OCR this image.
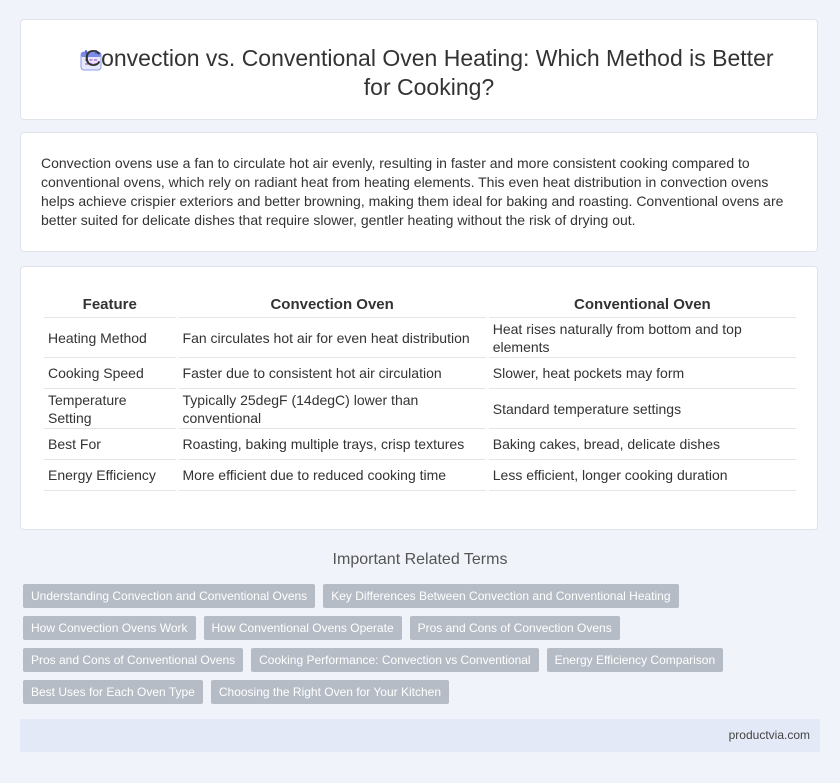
Convection vs. Conventional Oven Heating: Which Method is Better for Cooking?

Convection ovens use a fan to circulate hot air evenly, resulting in faster and more consistent cooking compared to conventional ovens, which rely on radiant heat from heating elements. This even heat distribution in convection ovens helps achieve crispier exteriors and better browning, making them ideal for baking and roasting. Conventional ovens are better suited for delicate dishes that require slower, gentler heating without the risk of drying out.

Feature	Convection Oven	Conventional Oven
Heating Method	Fan circulates hot air for even heat distribution	Heat rises naturally from bottom and top elements
Cooking Speed	Faster due to consistent hot air circulation	Slower, heat pockets may form
Temperature Setting	Typically 25degF (14degC) lower than conventional	Standard temperature settings
Best For	Roasting, baking multiple trays, crisp textures	Baking cakes, bread, delicate dishes
Energy Efficiency	More efficient due to reduced cooking time	Less efficient, longer cooking duration
Important Related Terms
Understanding Convection and Conventional Ovens	Key Differences Between Convection and Conventional Heating
How Convection Ovens Work	How Conventional Ovens Operate	Pros and Cons of Convection Ovens
Pros and Cons of Conventional Ovens	Cooking Performance: Convection vs Conventional	Energy Efficiency Comparison
Best Uses for Each Oven Type	Choosing the Right Oven for Your Kitchen
productvia.com
